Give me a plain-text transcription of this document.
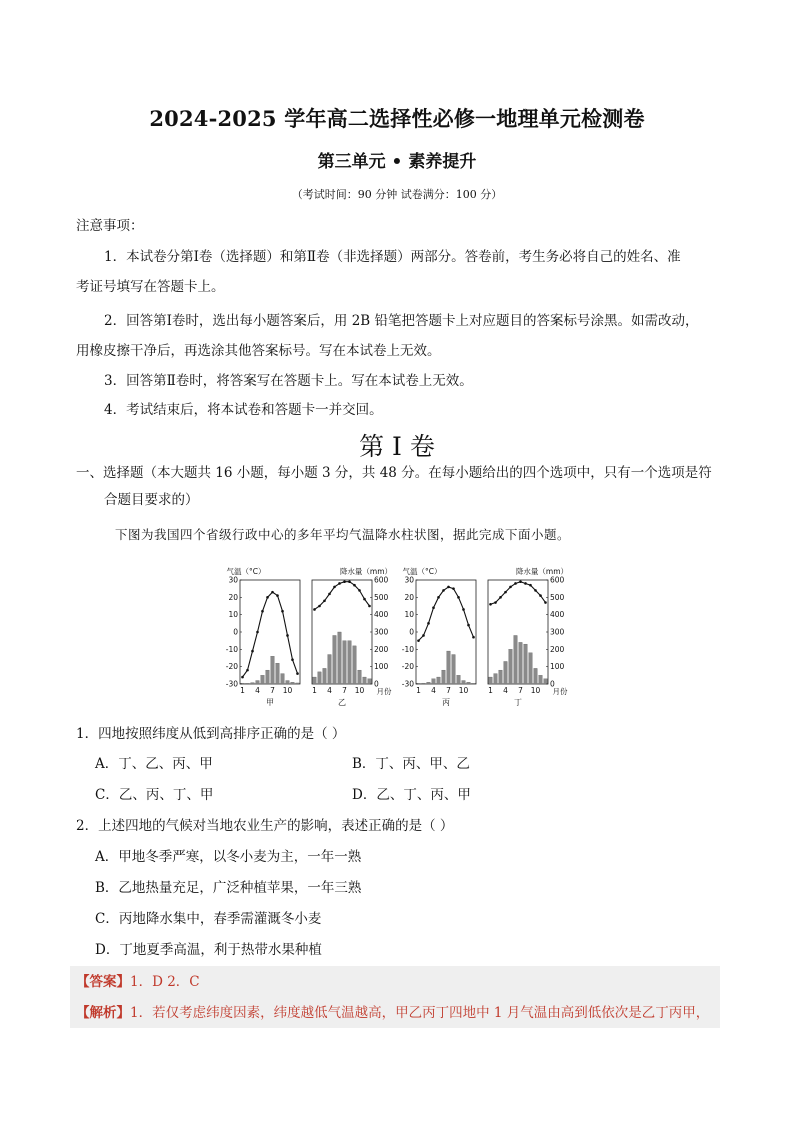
2024-2025 学年高二选择性必修一地理单元检测卷
第三单元 • 素养提升
（考试时间：90 分钟 试卷满分：100 分）
注意事项：
1．本试卷分第Ⅰ卷（选择题）和第Ⅱ卷（非选择题）两部分。答卷前，考生务必将自己的姓名、准
考证号填写在答题卡上。
2．回答第Ⅰ卷时，选出每小题答案后，用 2B 铅笔把答题卡上对应题目的答案标号涂黑。如需改动，
用橡皮擦干净后，再选涂其他答案标号。写在本试卷上无效。
3．回答第Ⅱ卷时，将答案写在答题卡上。写在本试卷上无效。
4．考试结束后，将本试卷和答题卡一并交回。
第 I 卷
一、选择题（本大题共 16 小题，每小题 3 分，共 48 分。在每小题给出的四个选项中，只有一个选项是符
合题目要求的）
下图为我国四个省级行政中心的多年平均气温降水柱状图，据此完成下面小题。
1 4 7 10
甲
30
20
10
0
-10
-20
-30
气温（°C）
1 4 7 10
乙
600
500
400
300
200
100
0
降水量（mm）
月份	1 4 7 10
丙
30
20
10
0
-10
-20
-30
气温（°C）
1 4 7 10
丁
600
500
400
300
200
100
0
降水量（mm）
月份
1．四地按照纬度从低到高排序正确的是（ ）
A．丁、乙、丙、甲	B．丁、丙、甲、乙
C．乙、丙、丁、甲	D．乙、丁、丙、甲
2．上述四地的气候对当地农业生产的影响，表述正确的是（ ）
A．甲地冬季严寒，以冬小麦为主，一年一熟
B．乙地热量充足，广泛种植苹果，一年三熟
C．丙地降水集中，春季需灌溉冬小麦
D．丁地夏季高温，利于热带水果种植
【答案】1．D 2．C
【解析】1．若仅考虑纬度因素，纬度越低气温越高，甲乙丙丁四地中 1 月气温由高到低依次是乙丁丙甲，
